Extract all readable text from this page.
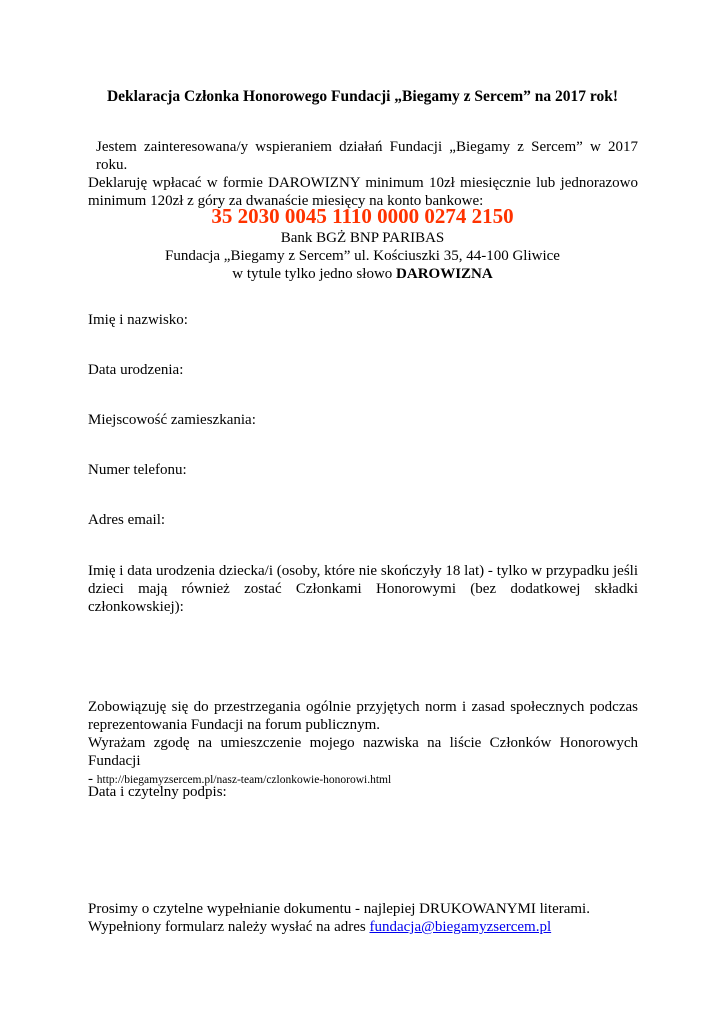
Deklaracja Członka Honorowego Fundacji „Biegamy z Sercem” na 2017 rok!
Jestem zainteresowana/y wspieraniem działań Fundacji „Biegamy z Sercem” w 2017 roku.
Deklaruję wpłacać w formie DAROWIZNY minimum 10zł miesięcznie lub jednorazowo
minimum 120zł z góry za dwanaście miesięcy na konto bankowe:
35 2030 0045 1110 0000 0274 2150
Bank BGŻ BNP PARIBAS
Fundacja „Biegamy z Sercem” ul. Kościuszki 35, 44-100 Gliwice
w tytule tylko jedno słowo DAROWIZNA
Imię i nazwisko:
Data urodzenia:
Miejscowość zamieszkania:
Numer telefonu:
Adres email:
Imię i data urodzenia dziecka/i (osoby, które nie skończyły 18 lat) - tylko w przypadku jeśli
dzieci mają również zostać Członkami Honorowymi (bez dodatkowej składki członkowskiej):
Zobowiązuję się do przestrzegania ogólnie przyjętych norm i zasad społecznych podczas
reprezentowania Fundacji na forum publicznym.
Wyrażam zgodę na umieszczenie mojego nazwiska na liście Członków Honorowych Fundacji
- http://biegamyzsercem.pl/nasz-team/czlonkowie-honorowi.html
Data i czytelny podpis:
Prosimy o czytelne wypełnianie dokumentu - najlepiej DRUKOWANYMI literami.
Wypełniony formularz należy wysłać na adres fundacja@biegamyzsercem.pl
